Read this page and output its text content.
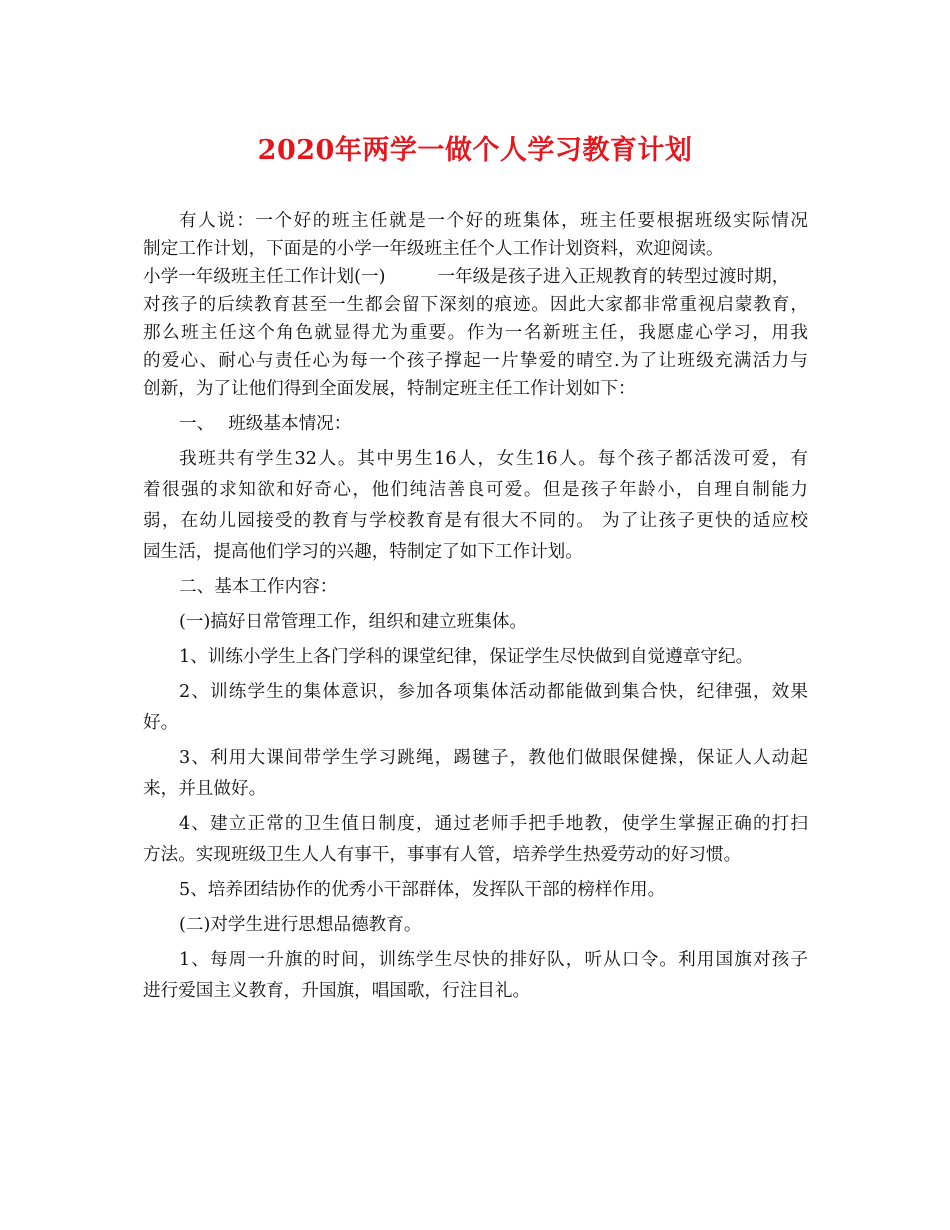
2020年两学一做个人学习教育计划
有人说：一个好的班主任就是一个好的班集体，班主任要根据班级实际情况
制定工作计划，下面是的小学一年级班主任个人工作计划资料，欢迎阅读。
小学一年级班主任工作计划(一)	一年级是孩子进入正规教育的转型过渡时期，
对孩子的后续教育甚至一生都会留下深刻的痕迹。因此大家都非常重视启蒙教育，
那么班主任这个角色就显得尤为重要。作为一名新班主任，我愿虚心学习，用我
的爱心、耐心与责任心为每一个孩子撑起一片挚爱的晴空.为了让班级充满活力与
创新，为了让他们得到全面发展，特制定班主任工作计划如下：
一、 班级基本情况：
我班共有学生32人。其中男生16人，女生16人。每个孩子都活泼可爱，有
着很强的求知欲和好奇心，他们纯洁善良可爱。但是孩子年龄小，自理自制能力
弱，在幼儿园接受的教育与学校教育是有很大不同的。 为了让孩子更快的适应校
园生活，提高他们学习的兴趣，特制定了如下工作计划。
二、基本工作内容：
(一)搞好日常管理工作，组织和建立班集体。
1、训练小学生上各门学科的课堂纪律，保证学生尽快做到自觉遵章守纪。
2、训练学生的集体意识，参加各项集体活动都能做到集合快，纪律强，效果
好。
3、利用大课间带学生学习跳绳，踢毽子，教他们做眼保健操，保证人人动起
来，并且做好。
4、建立正常的卫生值日制度，通过老师手把手地教，使学生掌握正确的打扫
方法。实现班级卫生人人有事干，事事有人管，培养学生热爱劳动的好习惯。
5、培养团结协作的优秀小干部群体，发挥队干部的榜样作用。
(二)对学生进行思想品德教育。
1、每周一升旗的时间，训练学生尽快的排好队，听从口令。利用国旗对孩子
进行爱国主义教育，升国旗，唱国歌，行注目礼。
